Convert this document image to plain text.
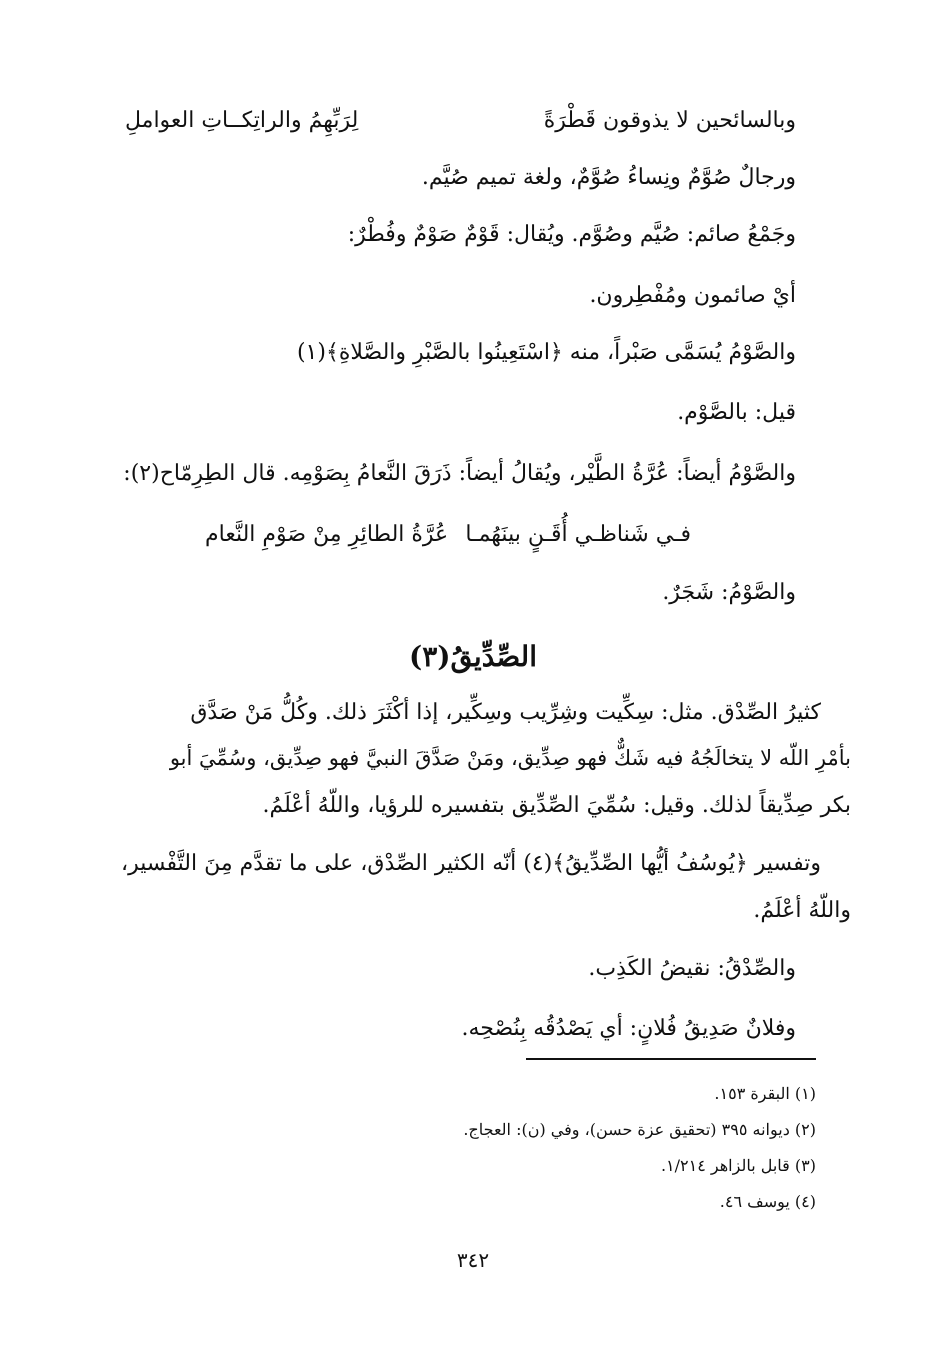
وبالسائحين لا يذوقون قَطْرَةً
لِرَبِّهِمُ والراتِكــاتِ العواملِ
ورجالٌ صُوَّمٌ ونِساءُ صُوَّمٌ، ولغة تميم صُيَّم.
وجَمْعُ صائم: صُيَّم وصُوَّم. ويُقال: قَوْمٌ صَوْمٌ وفُطْرٌ:
أيْ صائمون ومُفْطِرون.
والصَّوْمُ يُسَمَّى صَبْراً، منه ﴿اسْتَعِينُوا بالصَّبْرِ والصَّلاةِ﴾(١)
قيل: بالصَّوْم.
والصَّوْمُ أيضاً: عُرَّةُ الطَّيْر، ويُقالُ أيضاً: ذَرَقَ النَّعامُ بِصَوْمِه. قال الطِرِمّاح(٢):
فـي شَناظـي أُقَـنٍ بينَهُمـا
عُرَّةُ الطائِرِ مِنْ صَوْمِ النَّعام
والصَّوْمُ: شَجَرٌ.
الصِّدِّيقُ(٣)
كثيرُ الصِّدْق. مثل: سِكِّيت وشِرِّيب وسِكِّير، إذا أكْثَرَ ذلك. وكُلُّ مَنْ صَدَّق
بأمْرِ اللّه لا يتخالَجُهُ فيه شَكٌّ فهو صِدِّيق، ومَنْ صَدَّقَ النبيَّ فهو صِدِّيق، وسُمِّيَ أبو
بكر صِدِّيقاً لذلك. وقيل: سُمِّيَ الصِّدِّيق بتفسيره للرؤيا، واللّهُ أعْلَمُ.
وتفسير ﴿يُوسُفُ أيُّها الصِّدِّيقُ﴾(٤) أنّه الكثير الصِّدْق، على ما تقدَّم مِنَ التَّفْسير،
واللّهُ أعْلَمُ.
والصِّدْقُ: نقيضُ الكَذِب.
وفلانٌ صَدِيقُ فُلانٍ: أي يَصْدُقُه بِنُصْحِه.
(١) البقرة ١٥٣.
(٢) ديوانه ٣٩٥ (تحقيق عزة حسن)، وفي (ن): العجاج.
(٣) قابل بالزاهر ١/٢١٤.
(٤) يوسف ٤٦.
٣٤٢
